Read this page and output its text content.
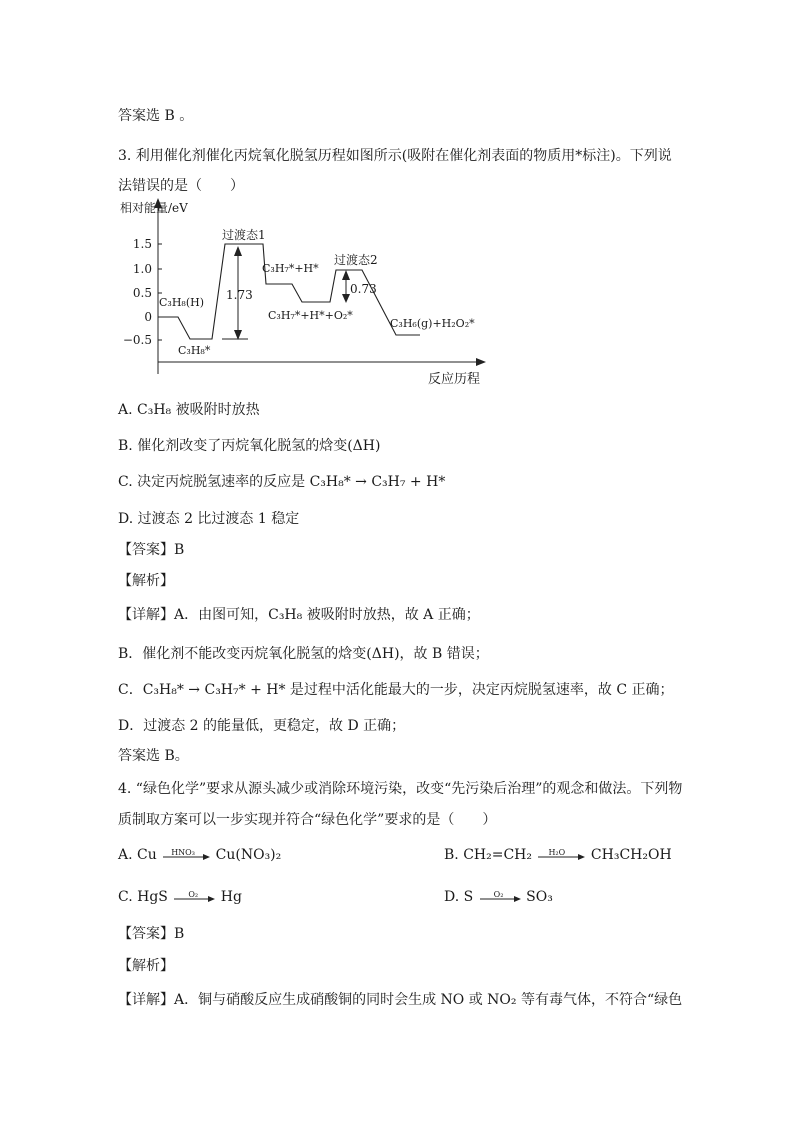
答案选 B 。
3. 利用催化剂催化丙烷氧化脱氢历程如图所示(吸附在催化剂表面的物质用*标注)。下列说
法错误的是（　　）
相对能量/eV
反应历程
1.5
1.0
0.5
0
−0.5
1.73	0.73
C₃H₈(H)
C₃H₈*
过渡态1
C₃H₇*+H*
C₃H₇*+H*+O₂*
过渡态2
C₃H₆(g)+H₂O₂*
A. C₃H₈ 被吸附时放热
B. 催化剂改变了丙烷氧化脱氢的焓变(ΔH)
C. 决定丙烷脱氢速率的反应是 C₃H₈* → C₃H₇ + H*
D. 过渡态 2 比过渡态 1 稳定
【答案】B
【解析】
【详解】A．由图可知，C₃H₈ 被吸附时放热，故 A 正确；
B．催化剂不能改变丙烷氧化脱氢的焓变(ΔH)，故 B 错误；
C．C₃H₈* → C₃H₇* + H* 是过程中活化能最大的一步，决定丙烷脱氢速率，故 C 正确；
D．过渡态 2 的能量低，更稳定，故 D 正确；
答案选 B。
4. “绿色化学”要求从源头减少或消除环境污染，改变“先污染后治理”的观念和做法。下列物
质制取方案可以一步实现并符合“绿色化学”要求的是（　　）
A. Cu HNO₃ Cu(NO₃)₂	B. CH₂=CH₂ H₂O CH₃CH₂OH
C. HgS	O₂ Hg	D. S	O₂ SO₃
【答案】B
【解析】
【详解】A．铜与硝酸反应生成硝酸铜的同时会生成 NO 或 NO₂ 等有毒气体，不符合“绿色
